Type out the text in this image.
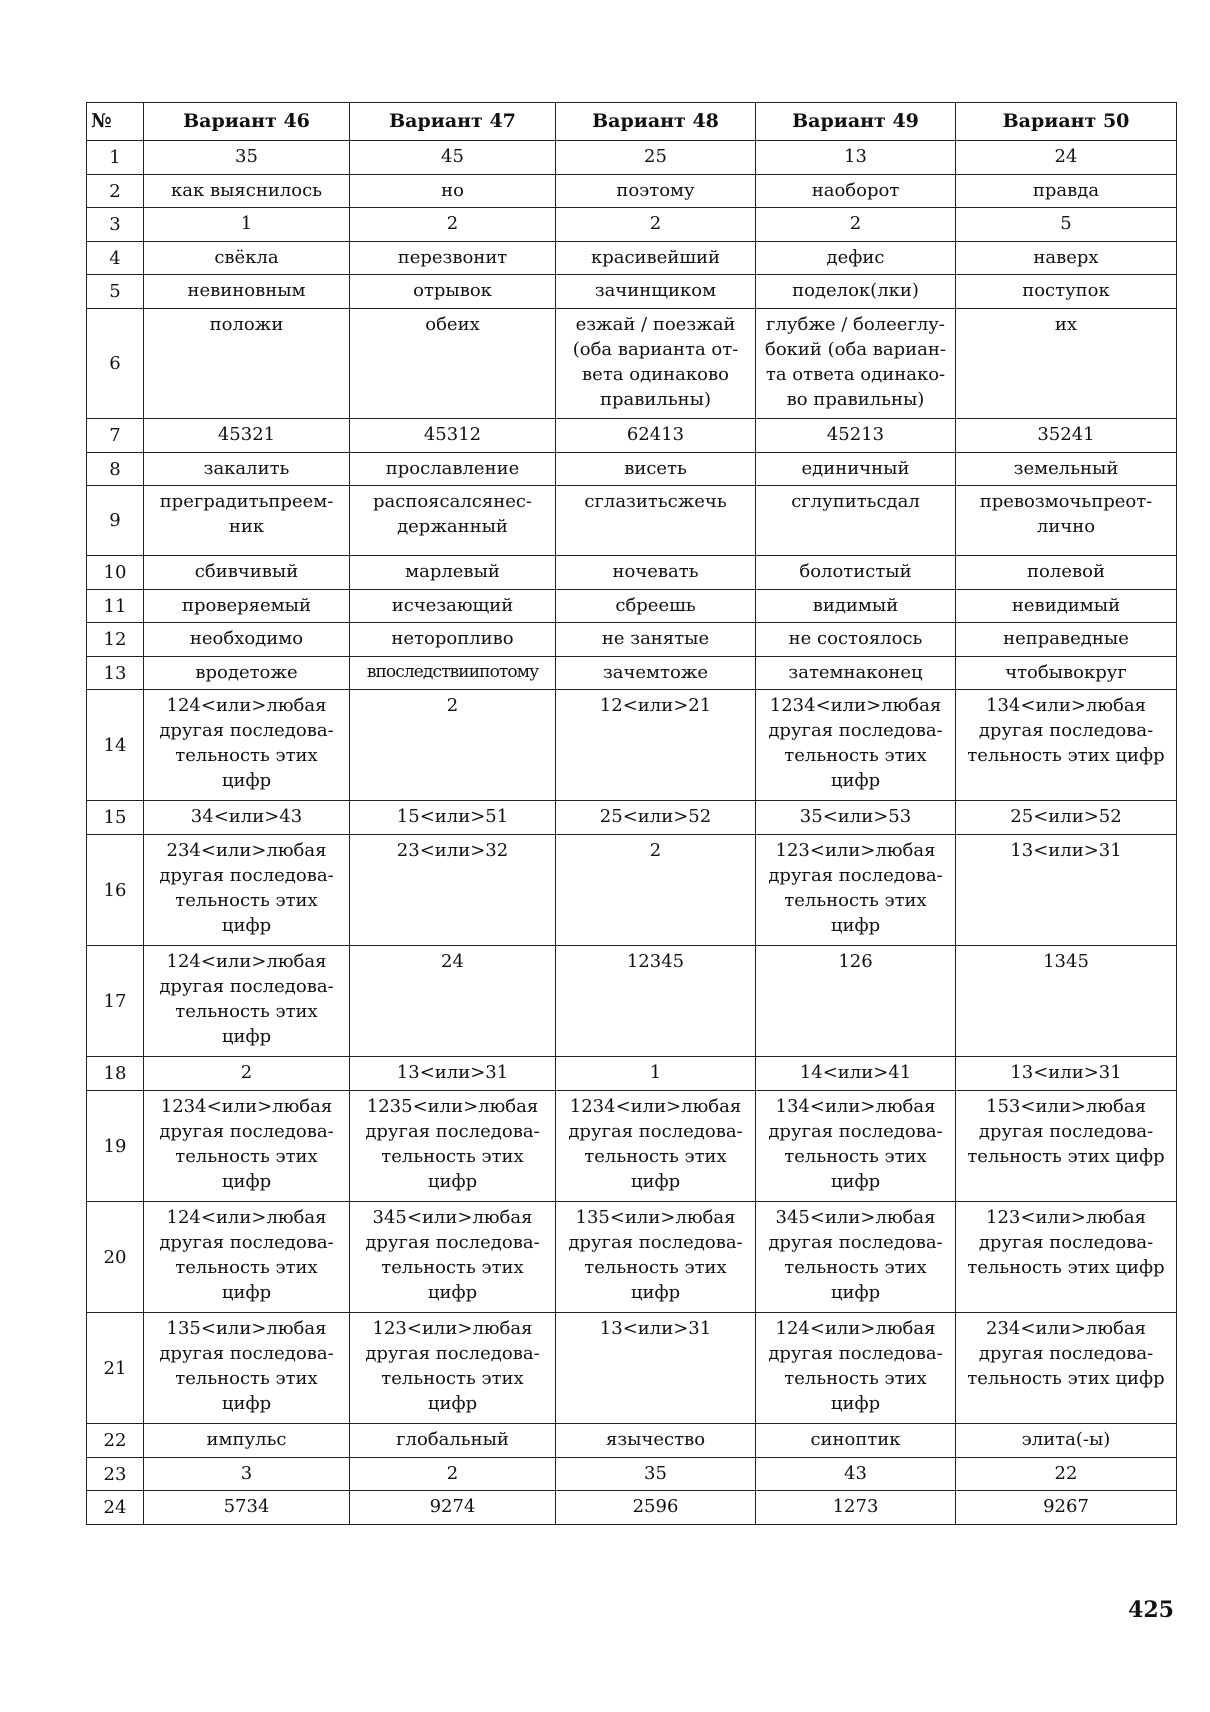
№	Вариант 46	Вариант 47	Вариант 48	Вариант 49	Вариант 50
1	35	45	25	13	24
2	как выяснилось	но	поэтому	наоборот	правда
3	1	2	2	2	5
4	свёкла	перезвонит	красивейший	дефис	наверх
5	невиновным	отрывок	зачинщиком	поделок(лки)	поступок
6	положи	обеих	езжай / поезжай
(оба варианта от-
вета одинаково
правильны)	глубже / болееглу-
бокий (оба вариан-
та ответа одинако-
во правильны)	их
7	45321	45312	62413	45213	35241
8	закалить	прославление	висеть	единичный	земельный
9	преградитьпреем-
ник	распоясалсянес-
держанный	сглазитьсжечь	сглупитьсдал	превозмочьпреот-
лично
10	сбивчивый	марлевый	ночевать	болотистый	полевой
11	проверяемый	исчезающий	сбреешь	видимый	невидимый
12	необходимо	неторопливо	не занятые	не состоялось	неправедные
13	вродетоже	впоследствиипотому	зачемтоже	затемнаконец	чтобывокруг
14	124<или>любая
другая последова-
тельность этих
цифр	2	12<или>21	1234<или>любая
другая последова-
тельность этих
цифр	134<или>любая
другая последова-
тельность этих цифр
15	34<или>43	15<или>51	25<или>52	35<или>53	25<или>52
16	234<или>любая
другая последова-
тельность этих
цифр	23<или>32	2	123<или>любая
другая последова-
тельность этих
цифр	13<или>31
17	124<или>любая
другая последова-
тельность этих
цифр	24	12345	126	1345
18	2	13<или>31	1	14<или>41	13<или>31
19	1234<или>любая
другая последова-
тельность этих
цифр	1235<или>любая
другая последова-
тельность этих
цифр	1234<или>любая
другая последова-
тельность этих
цифр	134<или>любая
другая последова-
тельность этих
цифр	153<или>любая
другая последова-
тельность этих цифр
20	124<или>любая
другая последова-
тельность этих
цифр	345<или>любая
другая последова-
тельность этих
цифр	135<или>любая
другая последова-
тельность этих
цифр	345<или>любая
другая последова-
тельность этих
цифр	123<или>любая
другая последова-
тельность этих цифр
21	135<или>любая
другая последова-
тельность этих
цифр	123<или>любая
другая последова-
тельность этих
цифр	13<или>31	124<или>любая
другая последова-
тельность этих
цифр	234<или>любая
другая последова-
тельность этих цифр
22	импульс	глобальный	язычество	синоптик	элита(-ы)
23	3	2	35	43	22
24	5734	9274	2596	1273	9267
425
